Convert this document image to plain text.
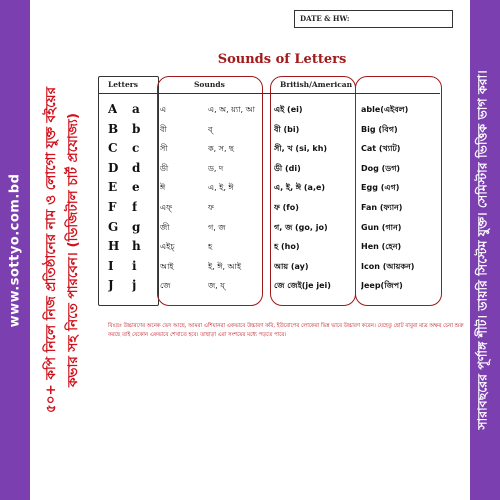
www.sottyo.com.bd ৫০+ কপি নিলে নিজ প্রতিষ্ঠানের নাম ও লোগো যুক্ত বইয়ের কভার সহ নিতে পারবেন। (ডিজিটাল চার্ট প্রযোজ্য)	সারাবছরের পূর্ণাঙ্গ শীট। ডায়রি সিস্টেম যুক্ত। সেমিস্টার ভিত্তিক ভাগ করা।
DATE & HW:
Sounds of Letters
Letters	Sounds	British/American
A a	এ	এ, অ, য়্যা, আ	এই (ei)	able(এইবল)
B b বী	ব্	বী (bi)	Big (বিগ)
C c	সী	ক, স, ছ	সী, খ (si, kh)	Cat (খ্যাট)
D d ডী	ড, দ	ডী (di)	Dog (ডগ)
E e	ঈ	এ, ই, ঈ	এ, ই, ঈ (a,e)	Egg (এগ)
F f	এফ্	ফ	ফ (fo)	Fan (ফ্যান)
G g জী	গ, জ	গ, জ (go, jo)	Gun (গান)
H h এইচ্	হ	হ (ho)	Hen (হেন)
I i	আই	ই, ঈ, আই	আয় (ay)	Icon (আয়কন)
J j	জে	জ, য্	জে জেই(je jei)	Jeep(জিপ)
বিঃদ্রঃ উচ্চারণের অনেক ভেদ আছে, আমরা এশিয়ানরা একভাবে উচ্চারণ করি, ইউরোপের লোকেরা ভিন্ন ভাবে উচ্চারণ করেন। যেহেতু ছোট বাবুরা মাত্র অক্ষর চেনা শুরু করছে তাই যেকোন একভাবে শেখাতে হবে। তাছাড়া এরা সংশয়ের মধ্যে পড়তে পারে।
